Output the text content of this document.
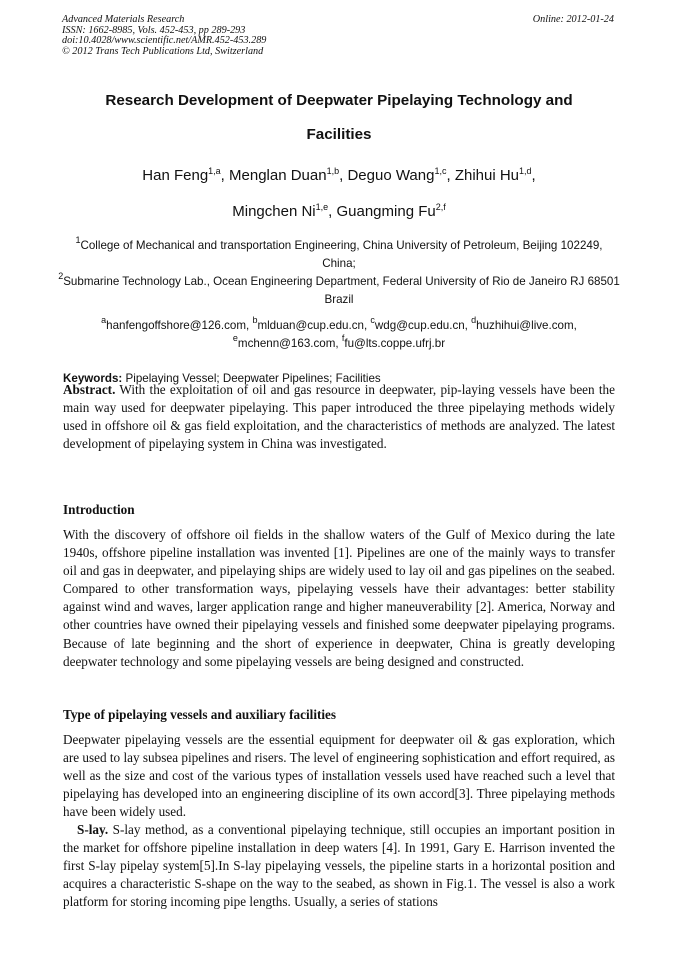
Advanced Materials Research
ISSN: 1662-8985, Vols. 452-453, pp 289-293
doi:10.4028/www.scientific.net/AMR.452-453.289
© 2012 Trans Tech Publications Ltd, Switzerland
Online: 2012-01-24
Research Development of Deepwater Pipelaying Technology and
Facilities
Han Feng$^{1,a}$, Menglan Duan$^{1,b}$, Deguo Wang$^{1,c}$, Zhihui Hu$^{1,d}$,
Mingchen Ni$^{1,e}$, Guangming Fu$^{2,f}$
$^1$College of Mechanical and transportation Engineering, China University of Petroleum, Beijing 102249, China;
$^2$Submarine Technology Lab., Ocean Engineering Department, Federal University of Rio de Janeiro RJ 68501 Brazil
$^a$hanfengoffshore@126.com, $^b$mlduan@cup.edu.cn, $^c$wdg@cup.edu.cn, $^d$huzhihui@live.com,
$^e$mchenn@163.com, $^f$fu@lts.coppe.ufrj.br
Keywords: Pipelaying Vessel; Deepwater Pipelines; Facilities
Abstract. With the exploitation of oil and gas resource in deepwater, pip-laying vessels have been the main way used for deepwater pipelaying. This paper introduced the three pipelaying methods widely used in offshore oil & gas field exploitation, and the characteristics of methods are analyzed. The latest development of pipelaying system in China was investigated.
Introduction
With the discovery of offshore oil fields in the shallow waters of the Gulf of Mexico during the late 1940s, offshore pipeline installation was invented [1]. Pipelines are one of the mainly ways to transfer oil and gas in deepwater, and pipelaying ships are widely used to lay oil and gas pipelines on the seabed. Compared to other transformation ways, pipelaying vessels have their advantages: better stability against wind and waves, larger application range and higher maneuverability [2]. America, Norway and other countries have owned their pipelaying vessels and finished some deepwater pipelaying programs. Because of late beginning and the short of experience in deepwater, China is greatly developing deepwater technology and some pipelaying vessels are being designed and constructed.
Type of pipelaying vessels and auxiliary facilities
Deepwater pipelaying vessels are the essential equipment for deepwater oil & gas exploration, which are used to lay subsea pipelines and risers. The level of engineering sophistication and effort required, as well as the size and cost of the various types of installation vessels used have reached such a level that pipelaying has developed into an engineering discipline of its own accord[3]. Three pipelaying methods have been widely used.
S-lay. S-lay method, as a conventional pipelaying technique, still occupies an important position in the market for offshore pipeline installation in deep waters [4]. In 1991, Gary E. Harrison invented the first S-lay pipelay system[5].In S-lay pipelaying vessels, the pipeline starts in a horizontal position and acquires a characteristic S-shape on the way to the seabed, as shown in Fig.1. The vessel is also a work platform for storing incoming pipe lengths. Usually, a series of stations
